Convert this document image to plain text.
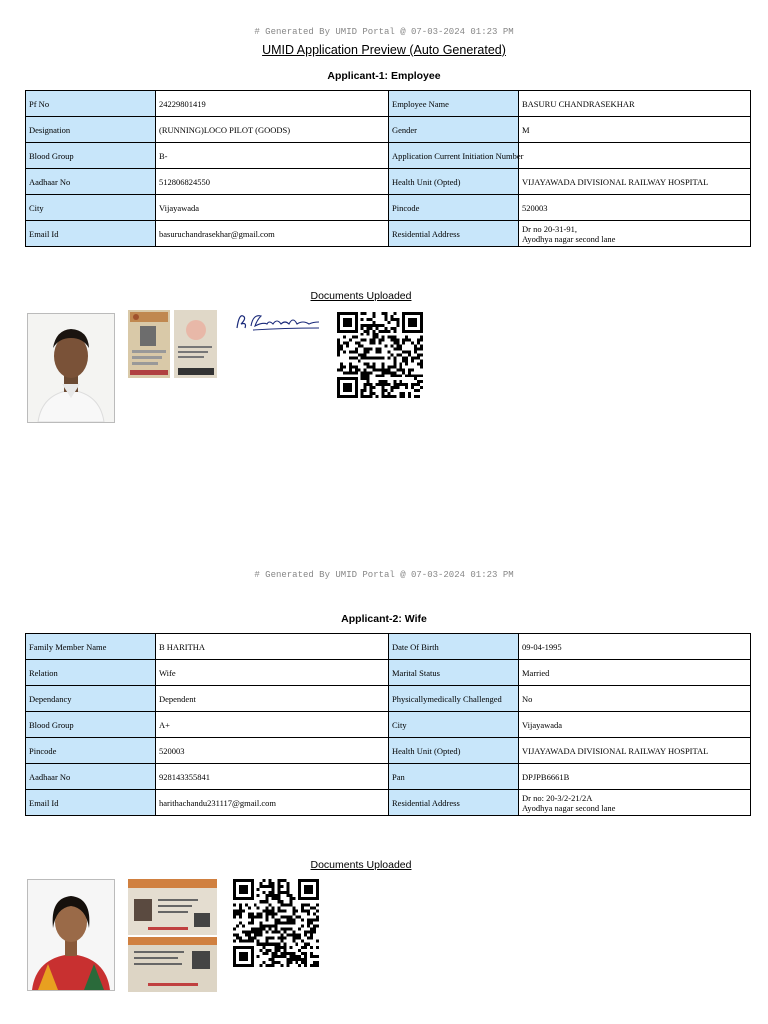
# Generated By UMID Portal @ 07-03-2024 01:23 PM
UMID Application Preview (Auto Generated)
Applicant-1: Employee
Pf No	24229801419	Employee Name	BASURU CHANDRASEKHAR
Designation	(RUNNING)LOCO PILOT (GOODS)	Gender	M
Blood Group	B-	Application Current Initiation Number	
Aadhaar No	512806824550	Health Unit (Opted)	VIJAYAWADA DIVISIONAL RAILWAY HOSPITAL
City	Vijayawada	Pincode	520003
Email Id	basuruchandrasekhar@gmail.com	Residential Address	Dr no 20-31-91,
Ayodhya nagar second lane
Documents Uploaded
# Generated By UMID Portal @ 07-03-2024 01:23 PM
Applicant-2: Wife
Family Member Name	B HARITHA	Date Of Birth	09-04-1995
Relation	Wife	Marital Status	Married
Dependancy	Dependent	Physicallymedically Challenged	No
Blood Group	A+	City	Vijayawada
Pincode	520003	Health Unit (Opted)	VIJAYAWADA DIVISIONAL RAILWAY HOSPITAL
Aadhaar No	928143355841	Pan	DPJPB6661B
Email Id	harithachandu231117@gmail.com	Residential Address	Dr no: 20-3/2-21/2A
Ayodhya nagar second lane
Documents Uploaded
